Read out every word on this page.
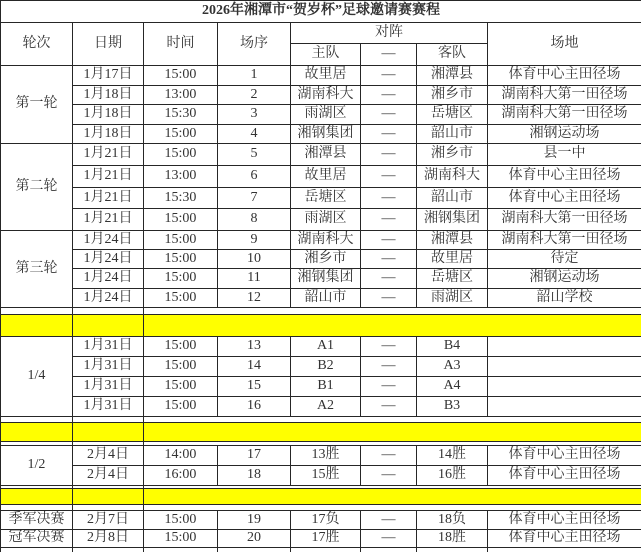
2026年湘潭市“贺岁杯”足球邀请赛赛程							
轮次	日期	时间	场序	对阵			场地
				主队	—	客队	
第一轮	1月17日	15:00	1	故里居	—	湘潭县	体育中心主田径场
	1月18日	13:00	2	湖南科大	—	湘乡市	湖南科大第一田径场
	1月18日	15:30	3	雨湖区	—	岳塘区	湖南科大第一田径场
	1月18日	15:00	4	湘钢集团	—	韶山市	湘钢运动场
第二轮	1月21日	15:00	5	湘潭县	—	湘乡市	县一中
	1月21日	13:00	6	故里居	—	湖南科大	体育中心主田径场
	1月21日	15:30	7	岳塘区	—	韶山市	体育中心主田径场
	1月21日	15:00	8	雨湖区	—	湘钢集团	湖南科大第一田径场
第三轮	1月24日	15:00	9	湖南科大	—	湘潭县	湖南科大第一田径场
	1月24日	15:00	10	湘乡市	—	故里居	待定
	1月24日	15:00	11	湘钢集团	—	岳塘区	湘钢运动场
	1月24日	15:00	12	韶山市	—	雨湖区	韶山学校

1/4	1月31日	15:00	13	A1	—	B4	
	1月31日	15:00	14	B2	—	A3	
	1月31日	15:00	15	B1	—	A4	
	1月31日	15:00	16	A2	—	B3	

1/2	2月4日	14:00	17	13胜	—	14胜	体育中心主田径场
	2月4日	16:00	18	15胜	—	16胜	体育中心主田径场

季军决赛	2月7日	15:00	19	17负	—	18负	体育中心主田径场
冠军决赛	2月8日	15:00	20	17胜	—	18胜	体育中心主田径场
